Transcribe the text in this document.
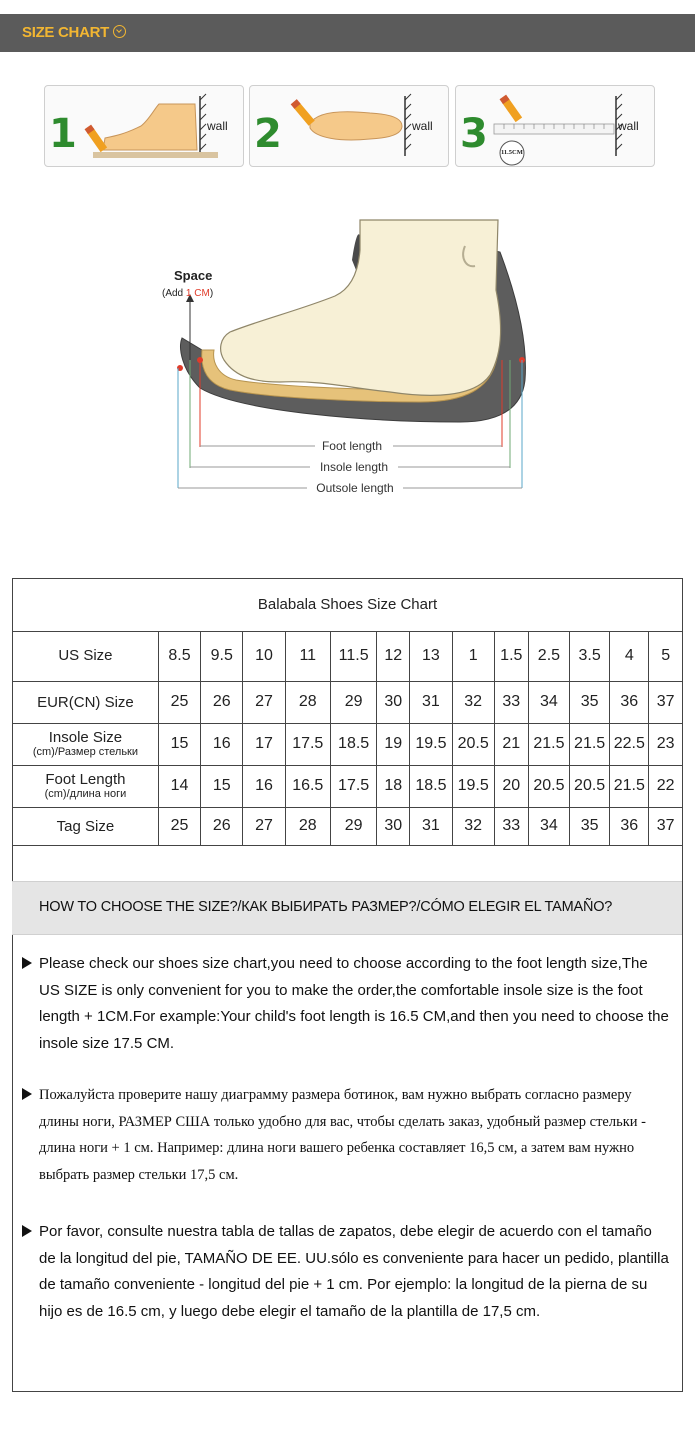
SIZE CHART
1	wall 2	wall 3	wall
11.5CM
Space
(Add 1 CM)
Foot length
Insole length
Outsole length
Balabala Shoes Size Chart
US Size	8.5	9.5	10	11	11.5	12	13	1	1.5	2.5	3.5	4	5

EUR(CN) Size	25	26	27	28	29	30	31	32	33	34	35	36	37

Insole Size
(cm)/Размер стельки	15	16	17	17.5	18.5	19	19.5	20.5	21	21.5	21.5	22.5	23

Foot Length
(cm)/длина ноги	14	15	16	16.5	17.5	18	18.5	19.5	20	20.5	20.5	21.5	22

Tag Size	25	26	27	28	29	30	31	32	33	34	35	36	37
HOW TO CHOOSE THE SIZE?/КАК ВЫБИРАТЬ РАЗМЕР?/CÓMO ELEGIR EL TAMAÑO?
Please check our shoes size chart,you need to choose according to the foot length size,The US SIZE is only convenient for you to make the order,the comfortable insole size is the foot length + 1CM.For example:Your child's foot length is 16.5 CM,and then you need to choose the insole size 17.5 CM.
Пожалуйста проверите нашу диаграмму размера ботинок, вам нужно выбрать согласно размеру длины ноги, РАЗМЕР США только удобно для вас, чтобы сделать заказ, удобный размер стельки - длина ноги + 1 см. Например: длина ноги вашего ребенка составляет 16,5 см, а затем вам нужно выбрать размер стельки 17,5 см.
Por favor, consulte nuestra tabla de tallas de zapatos, debe elegir de acuerdo con el tamaño de la longitud del pie, TAMAÑO DE EE. UU.sólo es conveniente para hacer un pedido, plantilla de tamaño conveniente - longitud del pie + 1 cm. Por ejemplo: la longitud de la pierna de su hijo es de 16.5 cm, y luego debe elegir el tamaño de la plantilla de 17,5 cm.
